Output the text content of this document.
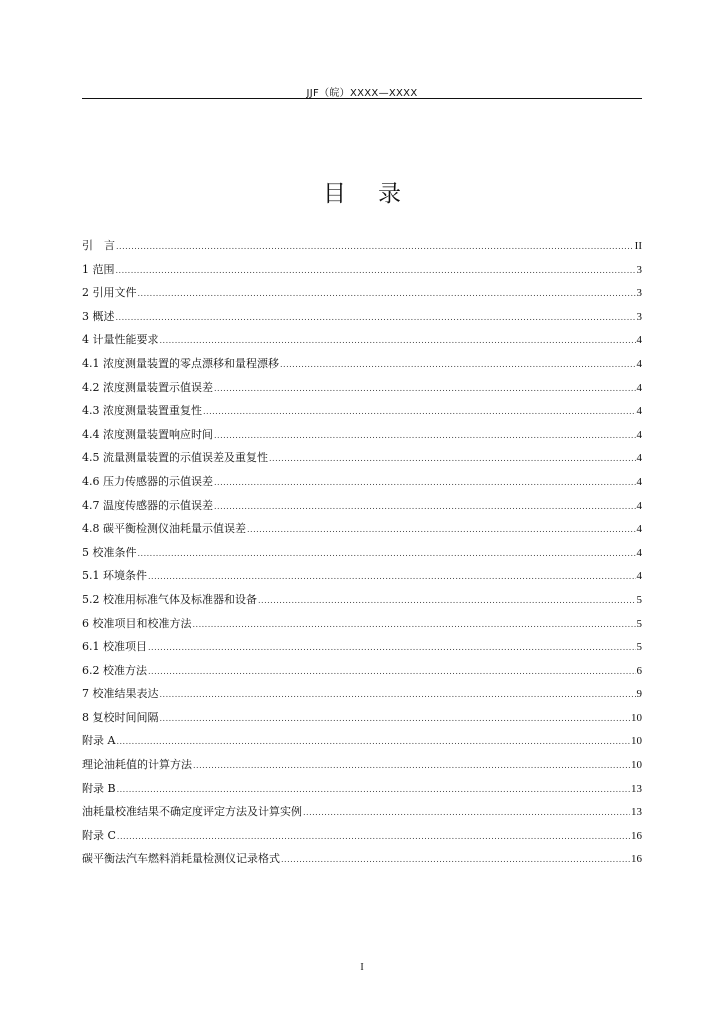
JJF（皖）XXXX—XXXX
目录
引　言 .....	II
1 范围 .....	3
2 引用文件 .....	3
3 概述 .....	3
4 计量性能要求 .....	4
4.1 浓度测量装置的零点漂移和量程漂移 .....	4
4.2 浓度测量装置示值误差 .....	4
4.3 浓度测量装置重复性 .....	4
4.4 浓度测量装置响应时间 .....	4
4.5 流量测量装置的示值误差及重复性 .....	4
4.6 压力传感器的示值误差 .....	4
4.7 温度传感器的示值误差 .....	4
4.8 碳平衡检测仪油耗量示值误差 .....	4
5 校准条件 .....	4
5.1 环境条件 .....	4
5.2 校准用标准气体及标准器和设备 .....	5
6 校准项目和校准方法 .....	5
6.1 校准项目 .....	5
6.2 校准方法 .....	6
7 校准结果表达 .....	9
8 复校时间间隔 .....	10
附录 A .....	10
理论油耗值的计算方法 .....	10
附录 B .....	13
油耗量校准结果不确定度评定方法及计算实例 .....	13
附录 C .....	16
碳平衡法汽车燃料消耗量检测仪记录格式 .....	16
I
